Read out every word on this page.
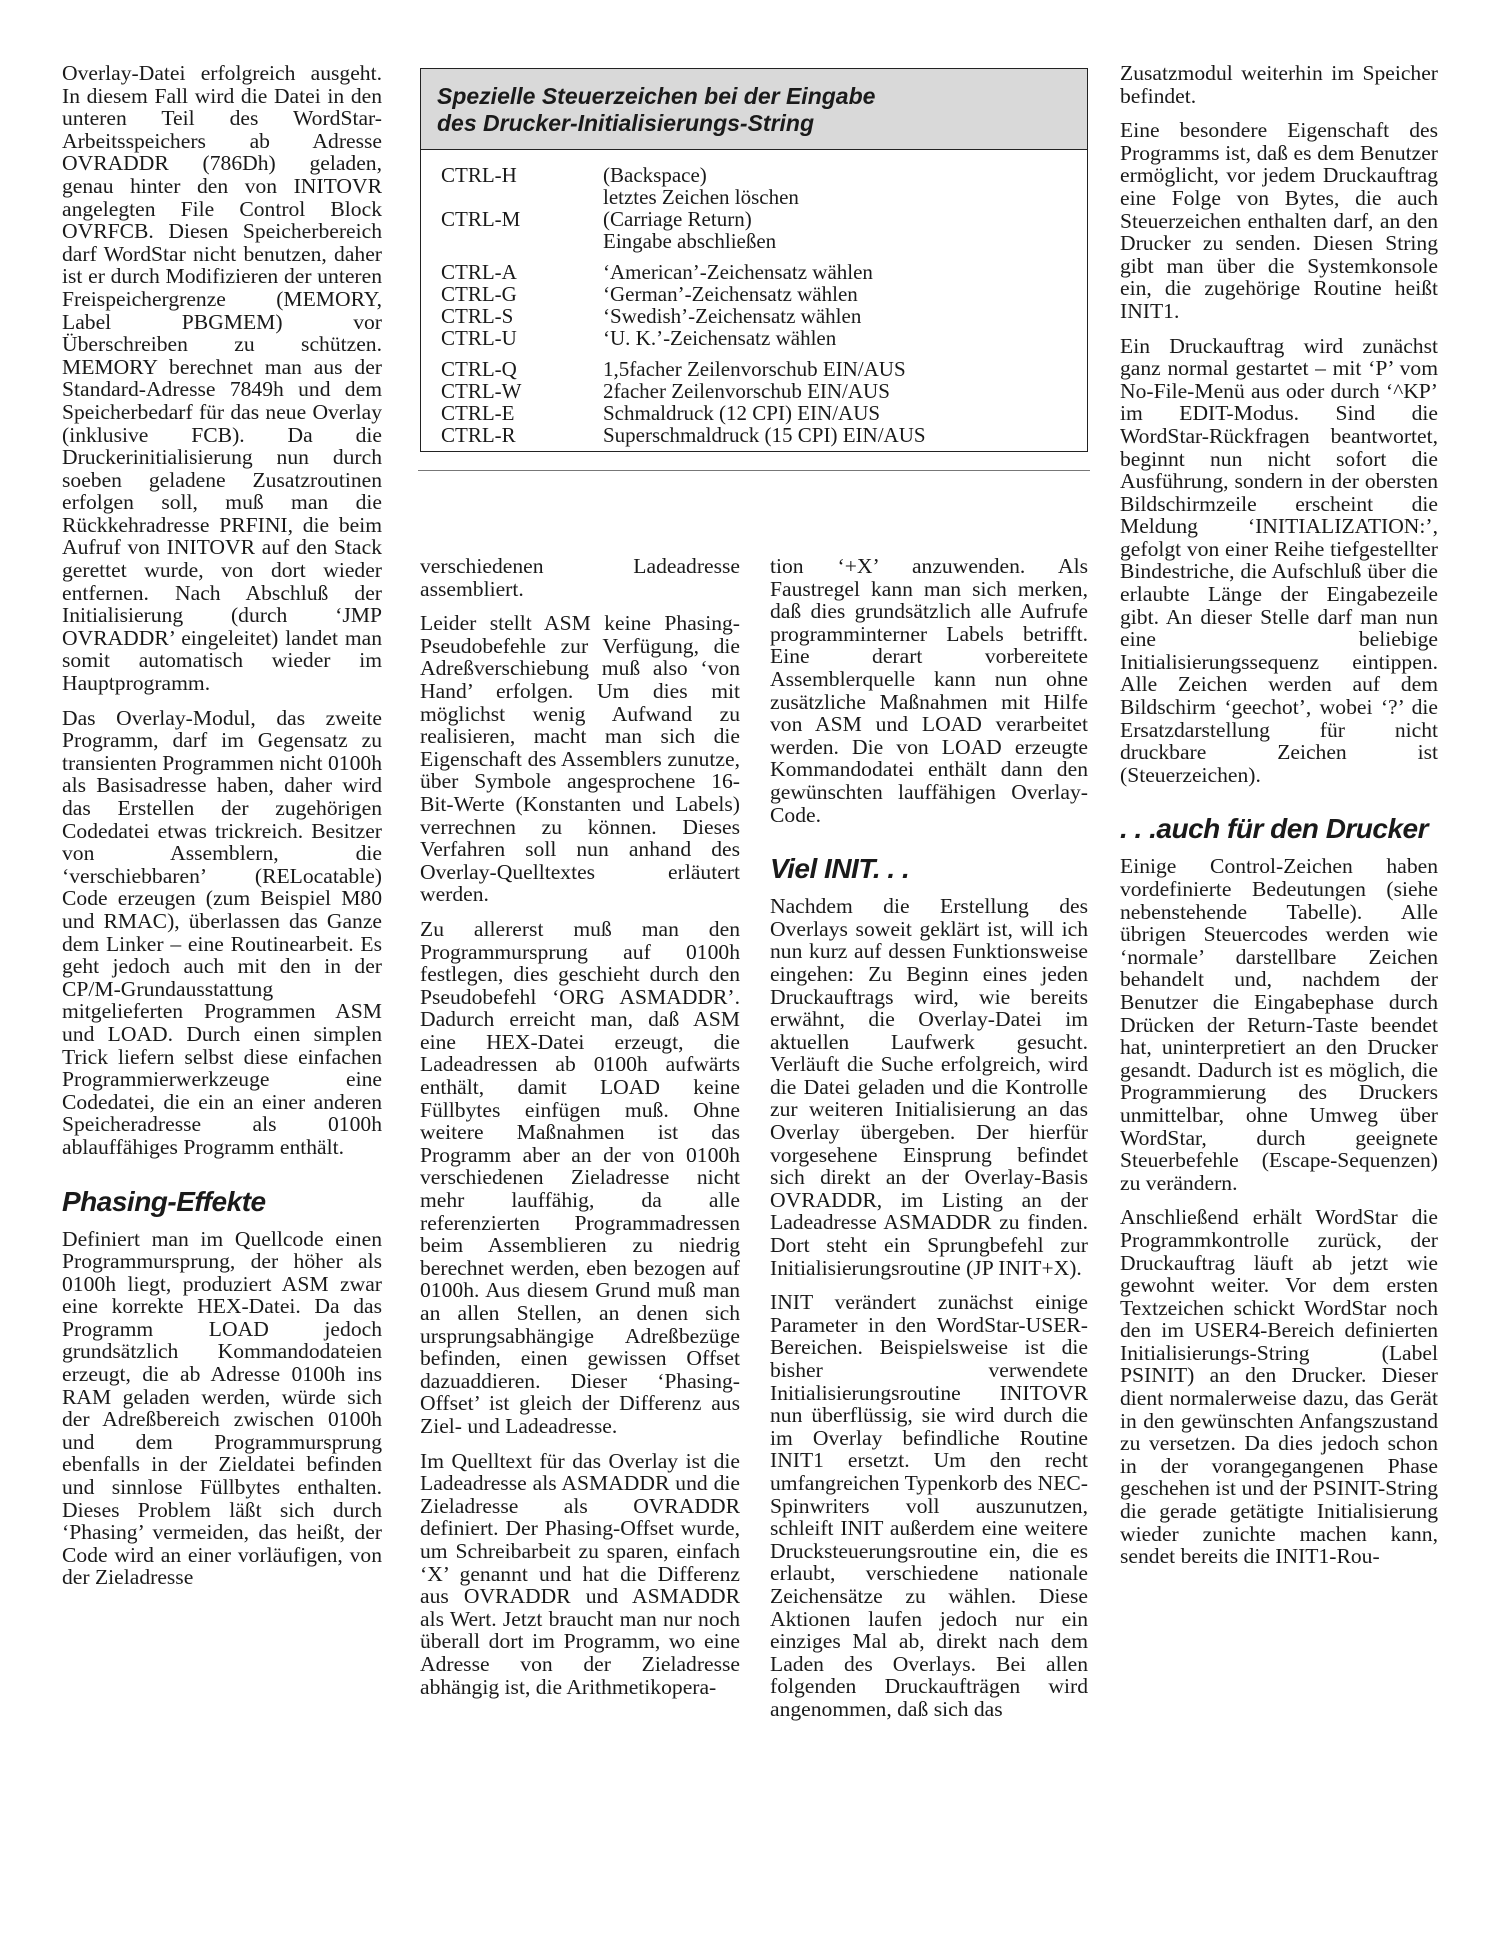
Overlay-Datei erfolgreich ausgeht. In diesem Fall wird die Datei in den unteren Teil des WordStar-Arbeitsspeichers ab Adresse OVRADDR (786Dh) geladen, genau hinter den von INITOVR angelegten File Control Block OVRFCB. Diesen Speicherbereich darf WordStar nicht benutzen, daher ist er durch Modifizieren der unteren Freispeichergrenze (MEMORY, Label PBGMEM) vor Überschreiben zu schützen. MEMORY berechnet man aus der Standard-Adresse 7849h und dem Speicherbedarf für das neue Overlay (inklusive FCB). Da die Druckerinitialisierung nun durch soeben geladene Zusatzroutinen erfolgen soll, muß man die Rückkehradresse PRFINI, die beim Aufruf von INITOVR auf den Stack gerettet wurde, von dort wieder entfernen. Nach Abschluß der Initialisierung (durch ‘JMP OVRADDR’ eingeleitet) landet man somit automatisch wieder im Hauptprogramm.

Das Overlay-Modul, das zweite Programm, darf im Gegensatz zu transienten Programmen nicht 0100h als Basisadresse haben, daher wird das Erstellen der zugehörigen Codedatei etwas trickreich. Besitzer von Assemblern, die ‘verschiebbaren’ (RELocatable) Code erzeugen (zum Beispiel M80 und RMAC), überlassen das Ganze dem Linker – eine Routinearbeit. Es geht jedoch auch mit den in der CP/M-Grundausstattung mitgelieferten Programmen ASM und LOAD. Durch einen simplen Trick liefern selbst diese einfachen Programmierwerkzeuge eine Codedatei, die ein an einer anderen Speicheradresse als 0100h ablauffähiges Programm enthält.

Phasing-Effekte

Definiert man im Quellcode einen Programmursprung, der höher als 0100h liegt, produziert ASM zwar eine korrekte HEX-Datei. Da das Programm LOAD jedoch grundsätzlich Kommandodateien erzeugt, die ab Adresse 0100h ins RAM geladen werden, würde sich der Adreßbereich zwischen 0100h und dem Programmursprung ebenfalls in der Zieldatei befinden und sinnlose Füllbytes enthalten. Dieses Problem läßt sich durch ‘Phasing’ vermeiden, das heißt, der Code wird an einer vorläufigen, von der Zieladresse

Spezielle Steuerzeichen bei der Eingabe
des Drucker-Initialisierungs-String
CTRL-H	(Backspace)
letztes Zeichen löschen
CTRL-M	(Carriage Return)
Eingabe abschließen
CTRL-A	‘American’-Zeichensatz wählen
CTRL-G	‘German’-Zeichensatz wählen
CTRL-S	‘Swedish’-Zeichensatz wählen
CTRL-U	‘U. K.’-Zeichensatz wählen
CTRL-Q	1,5facher Zeilenvorschub EIN/AUS
CTRL-W	2facher Zeilenvorschub EIN/AUS
CTRL-E	Schmaldruck (12 CPI) EIN/AUS
CTRL-R	Superschmaldruck (15 CPI) EIN/AUS

verschiedenen Ladeadresse assembliert.

Leider stellt ASM keine Phasing-Pseudobefehle zur Verfügung, die Adreßverschiebung muß also ‘von Hand’ erfolgen. Um dies mit möglichst wenig Aufwand zu realisieren, macht man sich die Eigenschaft des Assemblers zunutze, über Symbole angesprochene 16-Bit-Werte (Konstanten und Labels) verrechnen zu können. Dieses Verfahren soll nun anhand des Overlay-Quelltextes erläutert werden.

Zu allererst muß man den Programmursprung auf 0100h festlegen, dies geschieht durch den Pseudobefehl ‘ORG ASMADDR’. Dadurch erreicht man, daß ASM eine HEX-Datei erzeugt, die Ladeadressen ab 0100h aufwärts enthält, damit LOAD keine Füllbytes einfügen muß. Ohne weitere Maßnahmen ist das Programm aber an der von 0100h verschiedenen Zieladresse nicht mehr lauffähig, da alle referenzierten Programmadressen beim Assemblieren zu niedrig berechnet werden, eben bezogen auf 0100h. Aus diesem Grund muß man an allen Stellen, an denen sich ursprungsabhängige Adreßbezüge befinden, einen gewissen Offset dazuaddieren. Dieser ‘Phasing-Offset’ ist gleich der Differenz aus Ziel- und Ladeadresse.

Im Quelltext für das Overlay ist die Ladeadresse als ASMADDR und die Zieladresse als OVRADDR definiert. Der Phasing-Offset wurde, um Schreibarbeit zu sparen, einfach ‘X’ genannt und hat die Differenz aus OVRADDR und ASMADDR als Wert. Jetzt braucht man nur noch überall dort im Programm, wo eine Adresse von der Zieladresse abhängig ist, die Arithmetikopera-

tion ‘+X’ anzuwenden. Als Faustregel kann man sich merken, daß dies grundsätzlich alle Aufrufe programminterner Labels betrifft. Eine derart vorbereitete Assemblerquelle kann nun ohne zusätzliche Maßnahmen mit Hilfe von ASM und LOAD verarbeitet werden. Die von LOAD erzeugte Kommandodatei enthält dann den gewünschten lauffähigen Overlay-Code.

Viel INIT. . .

Nachdem die Erstellung des Overlays soweit geklärt ist, will ich nun kurz auf dessen Funktionsweise eingehen: Zu Beginn eines jeden Druckauftrags wird, wie bereits erwähnt, die Overlay-Datei im aktuellen Laufwerk gesucht. Verläuft die Suche erfolgreich, wird die Datei geladen und die Kontrolle zur weiteren Initialisierung an das Overlay übergeben. Der hierfür vorgesehene Einsprung befindet sich direkt an der Overlay-Basis OVRADDR, im Listing an der Ladeadresse ASMADDR zu finden. Dort steht ein Sprungbefehl zur Initialisierungsroutine (JP INIT+X).

INIT verändert zunächst einige Parameter in den WordStar-USER-Bereichen. Beispielsweise ist die bisher verwendete Initialisierungsroutine INITOVR nun überflüssig, sie wird durch die im Overlay befindliche Routine INIT1 ersetzt. Um den recht umfangreichen Typenkorb des NEC-Spinwriters voll auszunutzen, schleift INIT außerdem eine weitere Drucksteuerungsroutine ein, die es erlaubt, verschiedene nationale Zeichensätze zu wählen. Diese Aktionen laufen jedoch nur ein einziges Mal ab, direkt nach dem Laden des Overlays. Bei allen folgenden Druckaufträgen wird angenommen, daß sich das

Zusatzmodul weiterhin im Speicher befindet.

Eine besondere Eigenschaft des Programms ist, daß es dem Benutzer ermöglicht, vor jedem Druckauftrag eine Folge von Bytes, die auch Steuerzeichen enthalten darf, an den Drucker zu senden. Diesen String gibt man über die Systemkonsole ein, die zugehörige Routine heißt INIT1.

Ein Druckauftrag wird zunächst ganz normal gestartet – mit ‘P’ vom No-File-Menü aus oder durch ‘^KP’ im EDIT-Modus. Sind die WordStar-Rückfragen beantwortet, beginnt nun nicht sofort die Ausführung, sondern in der obersten Bildschirmzeile erscheint die Meldung ‘INITIALIZATION:’, gefolgt von einer Reihe tiefgestellter Bindestriche, die Aufschluß über die erlaubte Länge der Eingabezeile gibt. An dieser Stelle darf man nun eine beliebige Initialisierungssequenz eintippen. Alle Zeichen werden auf dem Bildschirm ‘geechot’, wobei ‘?’ die Ersatzdarstellung für nicht druckbare Zeichen ist (Steuerzeichen).

. . .auch für den Drucker

Einige Control-Zeichen haben vordefinierte Bedeutungen (siehe nebenstehende Tabelle). Alle übrigen Steuercodes werden wie ‘normale’ darstellbare Zeichen behandelt und, nachdem der Benutzer die Eingabephase durch Drücken der Return-Taste beendet hat, uninterpretiert an den Drucker gesandt. Dadurch ist es möglich, die Programmierung des Druckers unmittelbar, ohne Umweg über WordStar, durch geeignete Steuerbefehle (Escape-Sequenzen) zu verändern.

Anschließend erhält WordStar die Programmkontrolle zurück, der Druckauftrag läuft ab jetzt wie gewohnt weiter. Vor dem ersten Textzeichen schickt WordStar noch den im USER4-Bereich definierten Initialisierungs-String (Label PSINIT) an den Drucker. Dieser dient normalerweise dazu, das Gerät in den gewünschten Anfangszustand zu versetzen. Da dies jedoch schon in der vorangegangenen Phase geschehen ist und der PSINIT-String die gerade getätigte Initialisierung wieder zunichte machen kann, sendet bereits die INIT1-Rou-
